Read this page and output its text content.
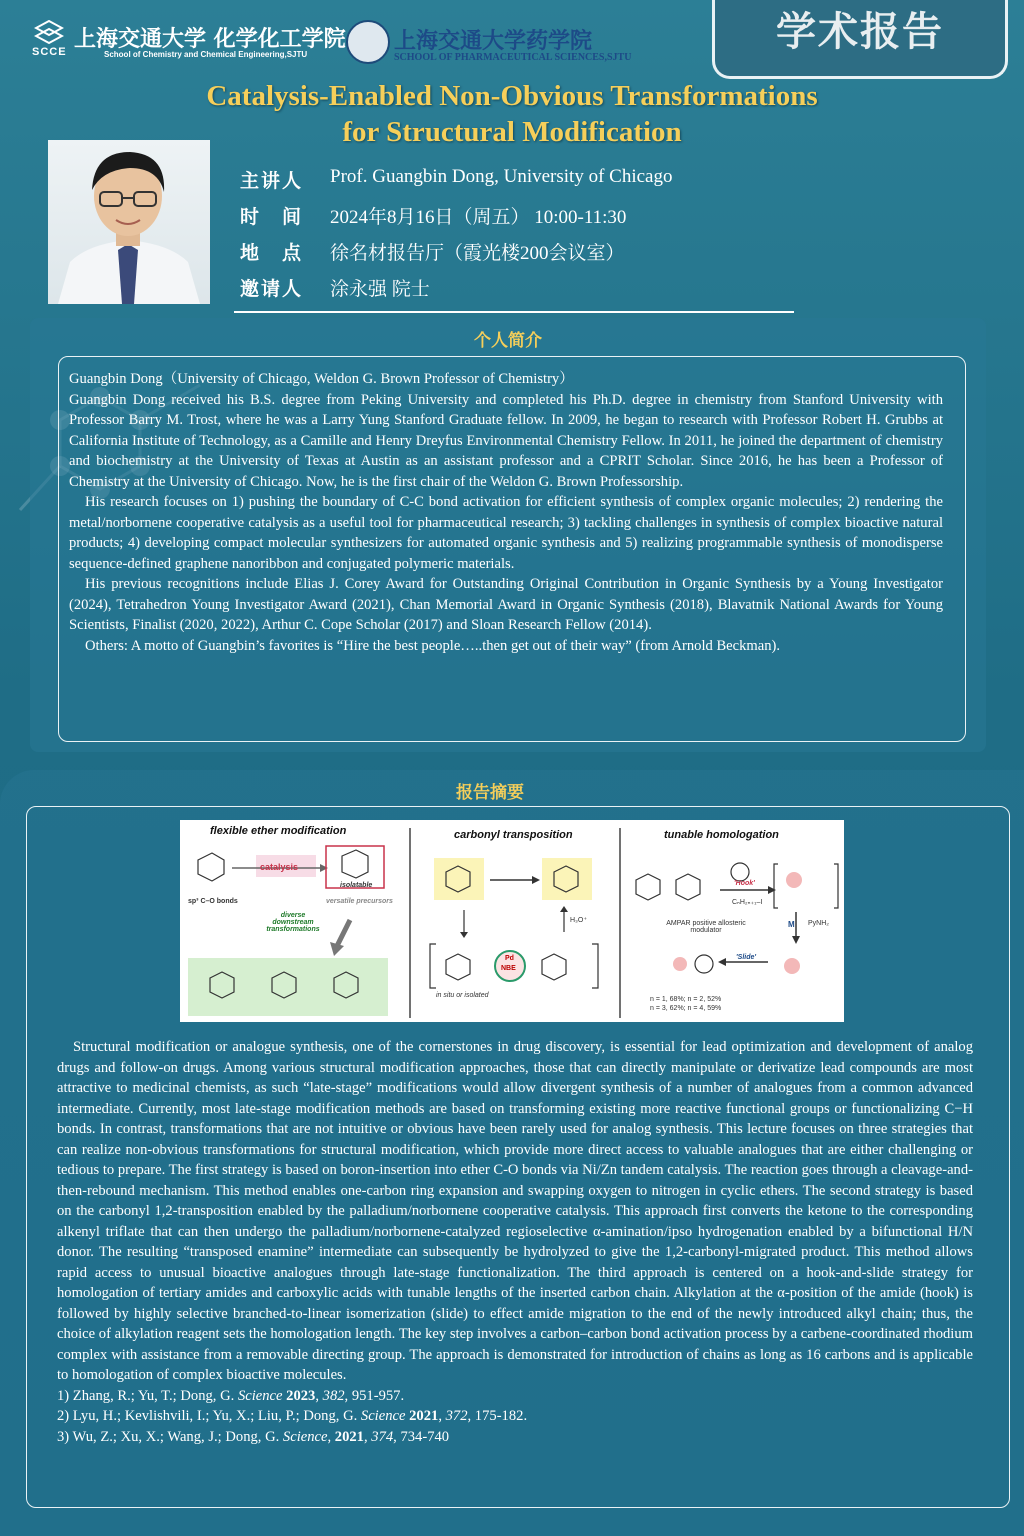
SCCE 上海交通大学 化学化工学院
School of Chemistry and Chemical Engineering,SJTU
上海交通大学药学院
SCHOOL OF PHARMACEUTICAL SCIENCES,SJTU
学术报告
Catalysis-Enabled Non-Obvious Transformations
for Structural Modification
主讲人 Prof. Guangbin Dong, University of Chicago
时　间 2024年8月16日（周五） 10:00-11:30
地　点 徐名材报告厅（霞光楼200会议室）
邀请人 涂永强 院士
个人简介

Guangbin Dong（University of Chicago, Weldon G. Brown Professor of Chemistry）

Guangbin Dong received his B.S. degree from Peking University and completed his Ph.D. degree in chemistry from Stanford University with Professor Barry M. Trost, where he was a Larry Yung Stanford Graduate fellow. In 2009, he began to research with Professor Robert H. Grubbs at California Institute of Technology, as a Camille and Henry Dreyfus Environmental Chemistry Fellow. In 2011, he joined the department of chemistry and biochemistry at the University of Texas at Austin as an assistant professor and a CPRIT Scholar. Since 2016, he has been a Professor of Chemistry at the University of Chicago. Now, he is the first chair of the Weldon G. Brown Professorship.

His research focuses on 1) pushing the boundary of C-C bond activation for efficient synthesis of complex organic molecules; 2) rendering the metal/norbornene cooperative catalysis as a useful tool for pharmaceutical research; 3) tackling challenges in synthesis of complex bioactive natural products; 4) developing compact molecular synthesizers for automated organic synthesis and 5) realizing programmable synthesis of monodisperse sequence-defined graphene nanoribbon and conjugated polymeric materials.

His previous recognitions include Elias J. Corey Award for Outstanding Original Contribution in Organic Synthesis by a Young Investigator (2024), Tetrahedron Young Investigator Award (2021), Chan Memorial Award in Organic Synthesis (2018), Blavatnik National Awards for Young Scientists, Finalist (2020, 2022), Arthur C. Cope Scholar (2017) and Sloan Research Fellow (2014).

Others: A motto of Guangbin’s favorites is “Hire the best people…..then get out of their way” (from Arnold Beckman).

报告摘要

Structural modification or analogue synthesis, one of the cornerstones in drug discovery, is essential for lead optimization and development of analog drugs and follow-on drugs. Among various structural modification approaches, those that can directly manipulate or derivatize lead compounds are most attractive to medicinal chemists, as such “late-stage” modifications would allow divergent synthesis of a number of analogues from a common advanced intermediate. Currently, most late-stage modification methods are based on transforming existing more reactive functional groups or functionalizing C−H bonds. In contrast, transformations that are not intuitive or obvious have been rarely used for analog synthesis. This lecture focuses on three strategies that can realize non-obvious transformations for structural modification, which provide more direct access to valuable analogues that are either challenging or tedious to prepare. The first strategy is based on boron-insertion into ether C-O bonds via Ni/Zn tandem catalysis. The reaction goes through a cleavage-and-then-rebound mechanism. This method enables one-carbon ring expansion and swapping oxygen to nitrogen in cyclic ethers. The second strategy is based on the carbonyl 1,2-transposition enabled by the palladium/norbornene cooperative catalysis. This approach first converts the ketone to the corresponding alkenyl triflate that can then undergo the palladium/norbornene-catalyzed regioselective α-amination/ipso hydrogenation enabled by a bifunctional H/N donor. The resulting “transposed enamine” intermediate can subsequently be hydrolyzed to give the 1,2-carbonyl-migrated product. This method allows rapid access to unusual bioactive analogues through late-stage functionalization. The third approach is centered on a hook-and-slide strategy for homologation of tertiary amides and carboxylic acids with tunable lengths of the inserted carbon chain. Alkylation at the α-position of the amide (hook) is followed by highly selective branched-to-linear isomerization (slide) to effect amide migration to the end of the newly introduced alkyl chain; thus, the choice of alkylation reagent sets the homologation length. The key step involves a carbon–carbon bond activation process by a carbene-coordinated rhodium complex with assistance from a removable directing group. The approach is demonstrated for introduction of chains as long as 16 carbons and is applicable to homologation of complex bioactive molecules.

1) Zhang, R.; Yu, T.; Dong, G. Science 2023, 382, 951-957.
2) Lyu, H.; Kevlishvili, I.; Yu, X.; Liu, P.; Dong, G. Science 2021, 372, 175-182.
3) Wu, Z.; Xu, X.; Wang, J.; Dong, G. Science, 2021, 374, 734-740
flexible ether modification	carbonyl transposition	tunable homologation
catalysis
sp³ C–O bonds
isolatable
versatile precursors
diverse downstream transformations
Pd
NBE
in situ or isolated
H₃O⁺
'Hook'
CₙH₂ₙ₊₁–I
AMPAR positive allosteric modulator
M PyNH₂
'Slide'
n = 1, 68%; n = 2, 52%
n = 3, 62%; n = 4, 59%
